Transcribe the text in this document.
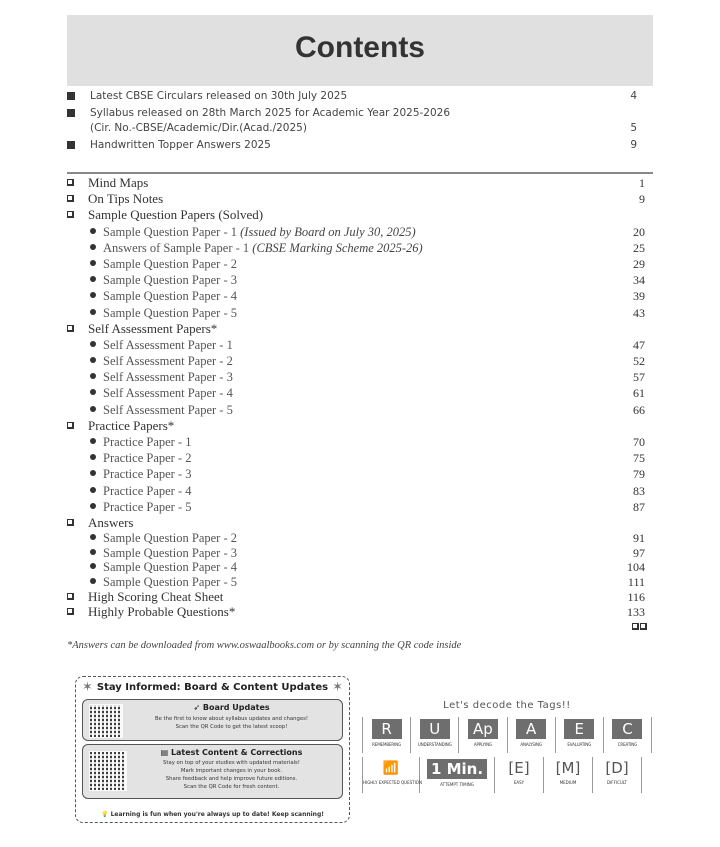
Contents
Latest CBSE Circulars released on 30th July 2025	4
Syllabus released on 28th March 2025 for Academic Year 2025-2026
(Cir. No.-CBSE/Academic/Dir.(Acad./2025)	5
Handwritten Topper Answers 2025	9
Mind Maps	1
On Tips Notes	9
Sample Question Papers (Solved)
Sample Question Paper - 1 (Issued by Board on July 30, 2025)	20
Answers of Sample Paper - 1 (CBSE Marking Scheme 2025-26)	25
Sample Question Paper - 2	29
Sample Question Paper - 3	34
Sample Question Paper - 4	39
Sample Question Paper - 5	43
Self Assessment Papers*
Self Assessment Paper - 1	47
Self Assessment Paper - 2	52
Self Assessment Paper - 3	57
Self Assessment Paper - 4	61
Self Assessment Paper - 5	66
Practice Papers*
Practice Paper - 1	70
Practice Paper - 2	75
Practice Paper - 3	79
Practice Paper - 4	83
Practice Paper - 5	87
Answers
Sample Question Paper - 2	91
Sample Question Paper - 3	97
Sample Question Paper - 4	104
Sample Question Paper - 5	111
High Scoring Cheat Sheet	116
Highly Probable Questions*	133
*Answers can be downloaded from www.oswaalbooks.com or by scanning the QR code inside
✶ Stay Informed: Board & Content Updates ✶
➶ Board Updates
Be the first to know about syllabus updates and changes!
Scan the QR Code to get the latest scoop!
▤ Latest Content & Corrections
Stay on top of your studies with updated materials!
Mark important changes in your book.
Share feedback and help improve future editions.
Scan the QR Code for fresh content.
💡 Learning is fun when you're always up to date! Keep scanning!
Let's decode the Tags!!
R
REMEMBERING
U
UNDERSTANDING
Ap
APPLYING
A
ANALYSING
E
EVALUATING
C
CREATING
📶
HIGHLY EXPECTED QUESTION
1 Min.
ATTEMPT TIMING
[E]
EASY
[M]
MEDIUM
[D]
DIFFICULT
